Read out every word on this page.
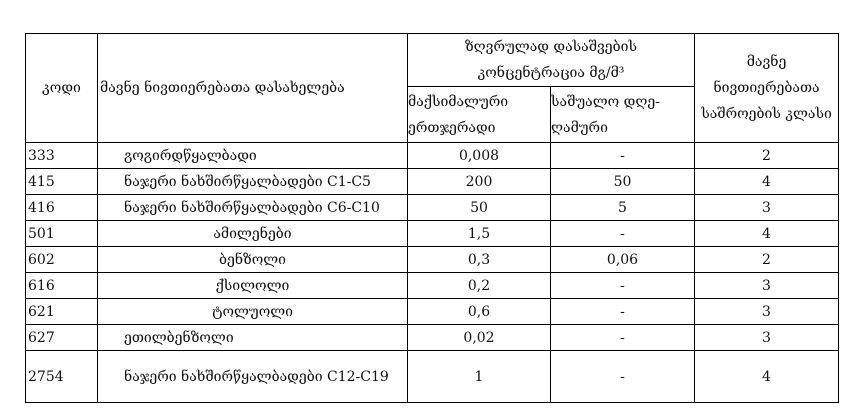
კოდი	მავნე ნივთიერებათა დასახელება	ზღვრულად დასაშვების კონცენტრაცია მგ/მ³		მავნე ნივთიერებათა საშროების კლასი
		მაქსიმალური ერთჯერადი	საშუალო დღე-ღამური	
333	გოგირდწყალბადი	0,008	-	2
415	ნაჯერი ნახშირწყალბადები C1-C5	200	50	4
416	ნაჯერი ნახშირწყალბადები C6-C10	50	5	3
501	ამილენები	1,5	-	4
602	ბენზოლი	0,3	0,06	2
616	ქსილოლი	0,2	-	3
621	ტოლუოლი	0,6	-	3
627	ეთილბენზოლი	0,02	-	3
2754	ნაჯერი ნახშირწყალბადები C12-C19	1	-	4
